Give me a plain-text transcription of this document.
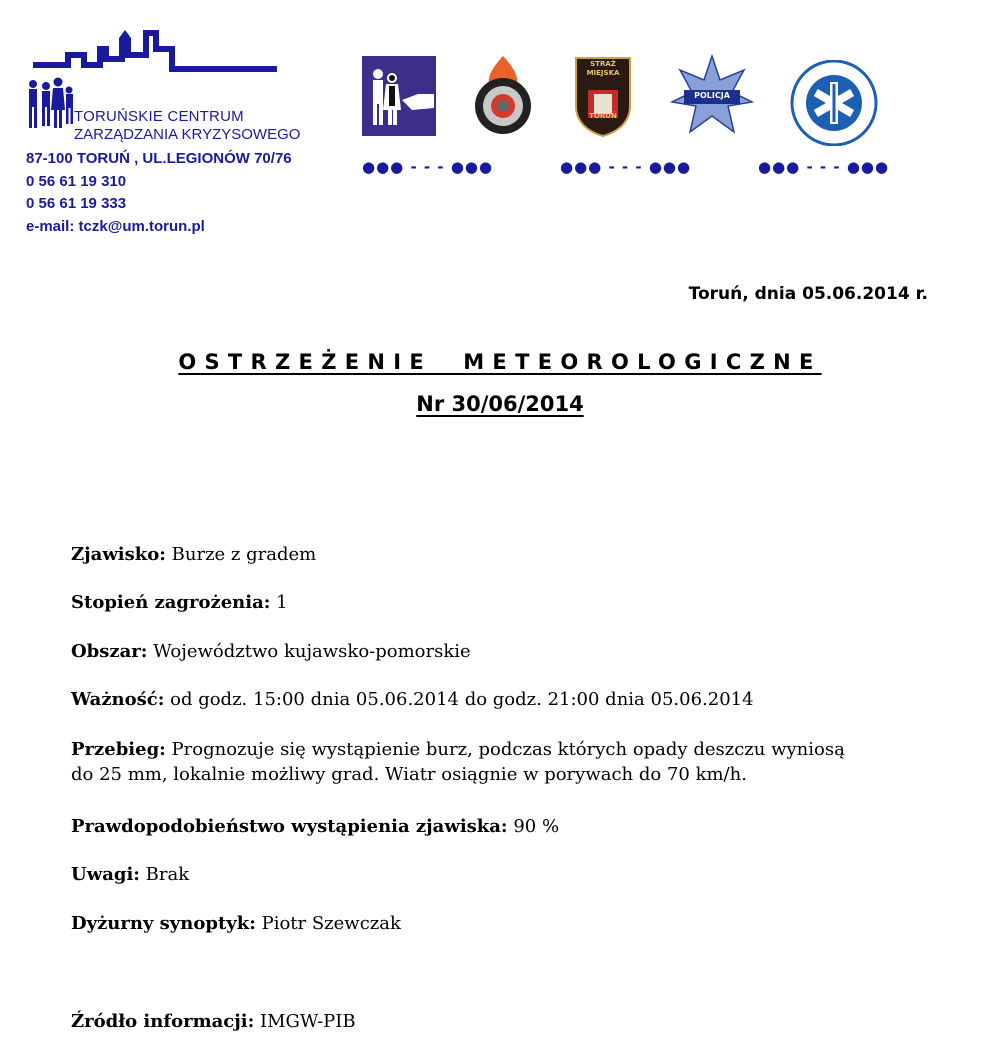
TORUŃSKIE CENTRUM
ZARZĄDZANIA KRYZYSOWEGO
87-100 TORUŃ , UL.LEGIONÓW 70/76
0 56 61 19 310
0 56 61 19 333
e-mail: tczk@um.torun.pl
STRAŻ
MIEJSKA
TORUŃ
POLICJA
●●● - - - ●●●	●●● - - - ●●●	●●● - - - ●●●
Toruń, dnia 05.06.2014 r.
OSTRZEŻENIE  METEOROLOGICZNE
Nr 30/06/2014
Zjawisko: Burze z gradem
Stopień zagrożenia: 1
Obszar: Województwo kujawsko-pomorskie
Ważność: od godz. 15:00 dnia 05.06.2014 do godz. 21:00 dnia 05.06.2014
Przebieg: Prognozuje się wystąpienie burz, podczas których opady deszczu wyniosą do 25 mm, lokalnie możliwy grad. Wiatr osiągnie w porywach do 70 km/h.
Prawdopodobieństwo wystąpienia zjawiska: 90 %
Uwagi: Brak
Dyżurny synoptyk: Piotr Szewczak
Źródło informacji: IMGW-PIB
